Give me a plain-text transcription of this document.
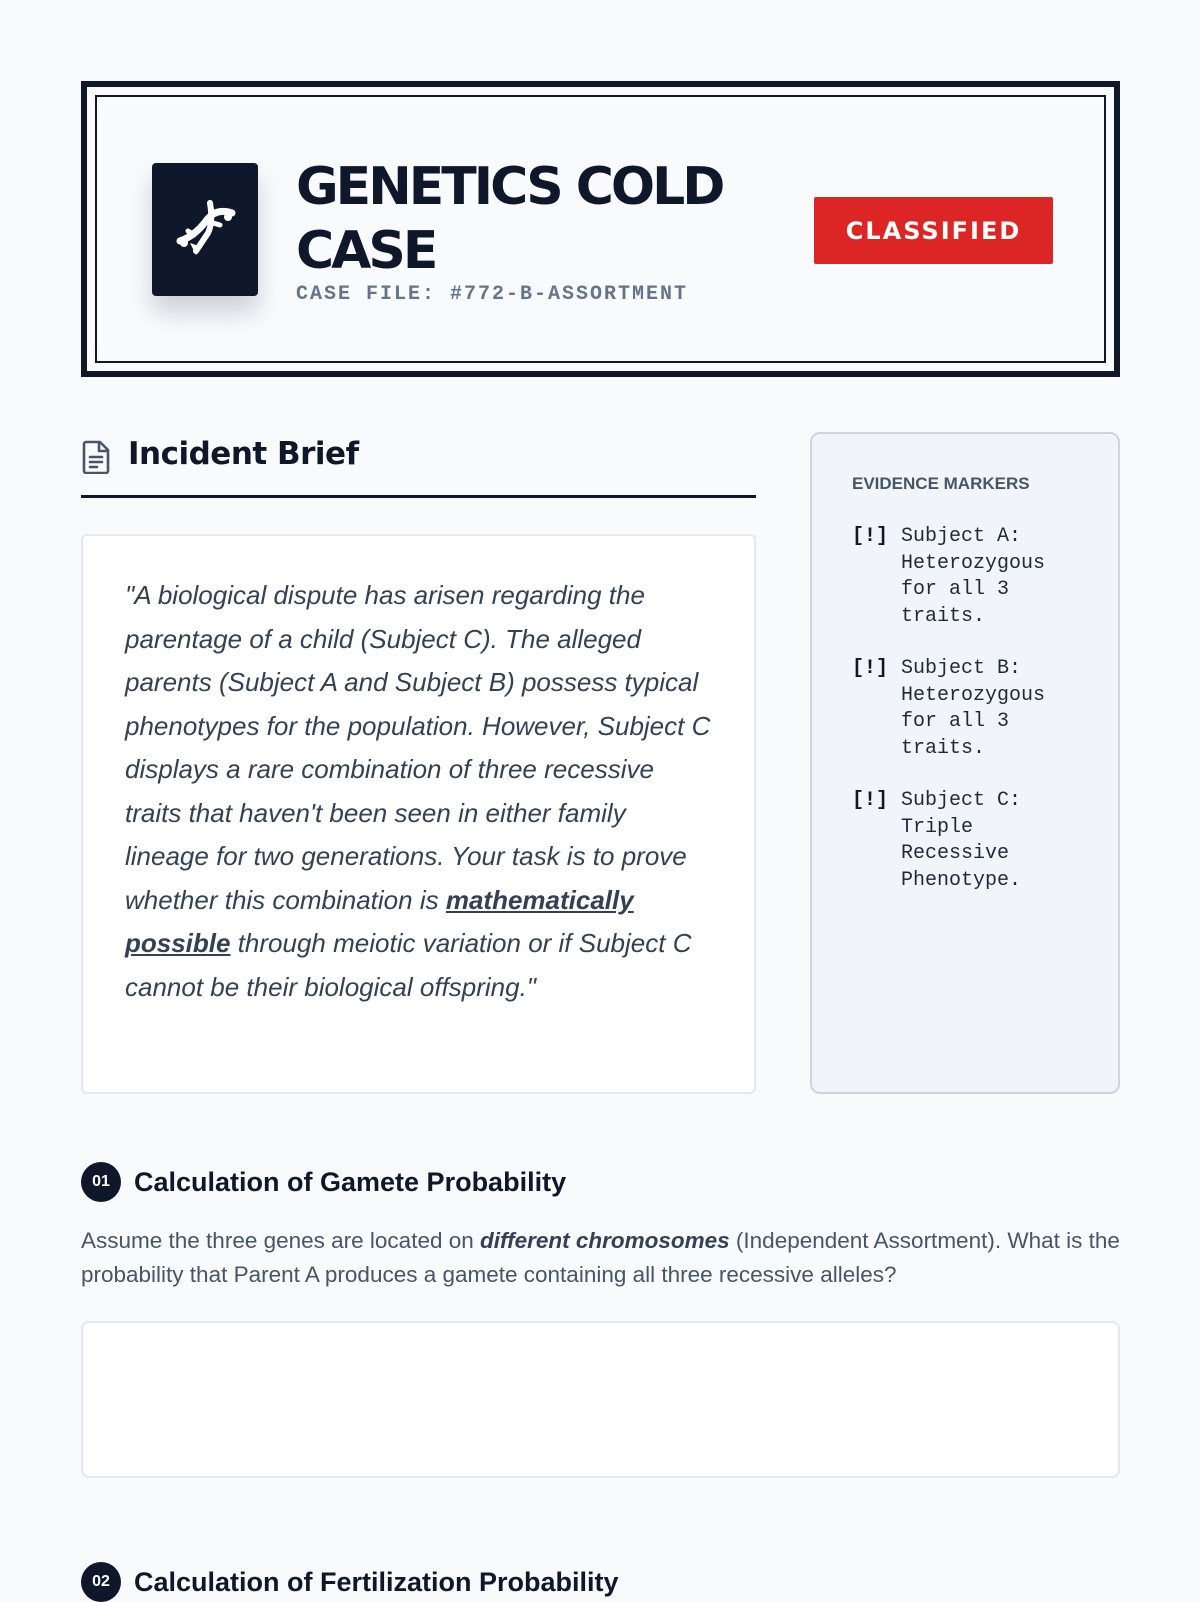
GENETICS COLD CASE
CASE FILE: #772-B-ASSORTMENT
CLASSIFIED
Incident Brief

"A biological dispute has arisen regarding the parentage of a child (Subject C). The alleged parents (Subject A and Subject B) possess typical phenotypes for the population. However, Subject C displays a rare combination of three recessive traits that haven't been seen in either family lineage for two generations. Your task is to prove whether this combination is mathematically possible through meiotic variation or if Subject C cannot be their biological offspring."

EVIDENCE MARKERS
[!] Subject A: Heterozygous for all 3 traits.
[!] Subject B: Heterozygous for all 3 traits.
[!] Subject C: Triple Recessive Phenotype.
01 Calculation of Gamete Probability

Assume the three genes are located on different chromosomes (Independent Assortment). What is the probability that Parent A produces a gamete containing all three recessive alleles?

02 Calculation of Fertilization Probability
